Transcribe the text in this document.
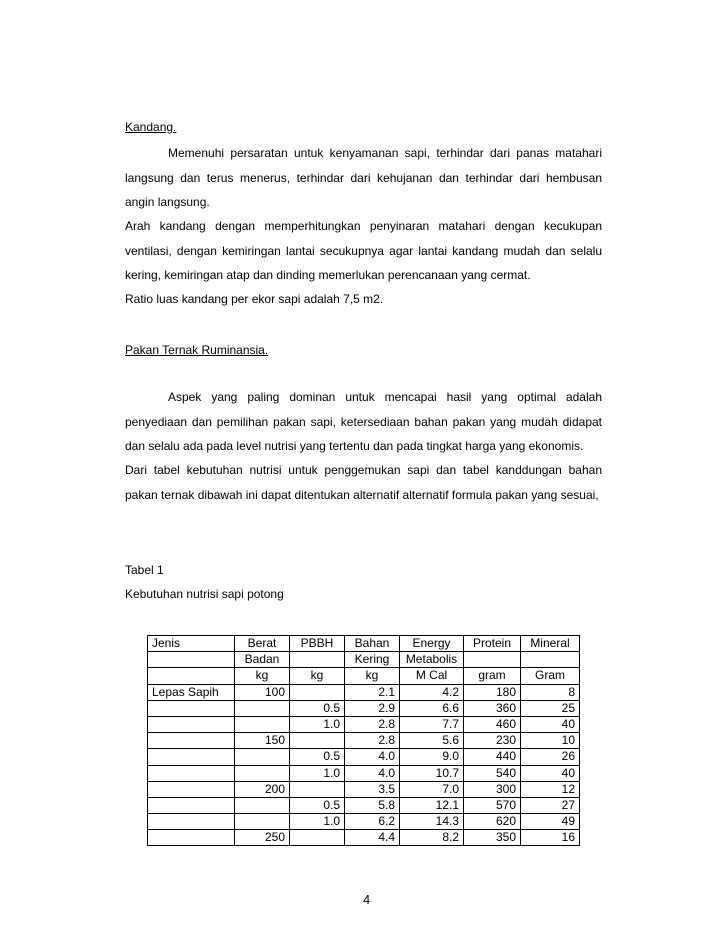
Kandang.

Memenuhi persaratan untuk kenyamanan sapi, terhindar dari panas matahari langsung dan terus menerus, terhindar dari kehujanan dan terhindar dari hembusan angin langsung.

Arah kandang dengan memperhitungkan penyinaran matahari dengan kecukupan ventilasi, dengan kemiringan lantai secukupnya agar lantai kandang mudah dan selalu kering, kemiringan atap dan dinding memerlukan perencanaan yang cermat.

Ratio luas kandang per ekor sapi adalah 7,5 m2.
Pakan Ternak Ruminansia.

Aspek yang paling dominan untuk mencapai hasil yang optimal adalah penyediaan dan pemilihan pakan sapi, ketersediaan bahan pakan yang mudah didapat dan selalu ada pada level nutrisi yang tertentu dan pada tingkat harga yang ekonomis.

Dari tabel kebutuhan nutrisi untuk penggemukan sapi dan tabel kanddungan bahan pakan ternak dibawah ini dapat ditentukan alternatif alternatif formula pakan yang sesuai,

Tabel 1
Kebutuhan nutrisi sapi potong
Jenis	Berat	PBBH	Bahan	Energy	Protein	Mineral
	Badan		Kering	Metabolis		
	kg	kg	kg	M Cal	gram	Gram
Lepas Sapih	100		2.1	4.2	180	8
		0.5	2.9	6.6	360	25
		1.0	2.8	7.7	460	40
	150		2.8	5.6	230	10
		0.5	4.0	9.0	440	26
		1.0	4.0	10.7	540	40
	200		3.5	7.0	300	12
		0.5	5.8	12.1	570	27
		1.0	6.2	14.3	620	49
	250		4.4	8.2	350	16
4
